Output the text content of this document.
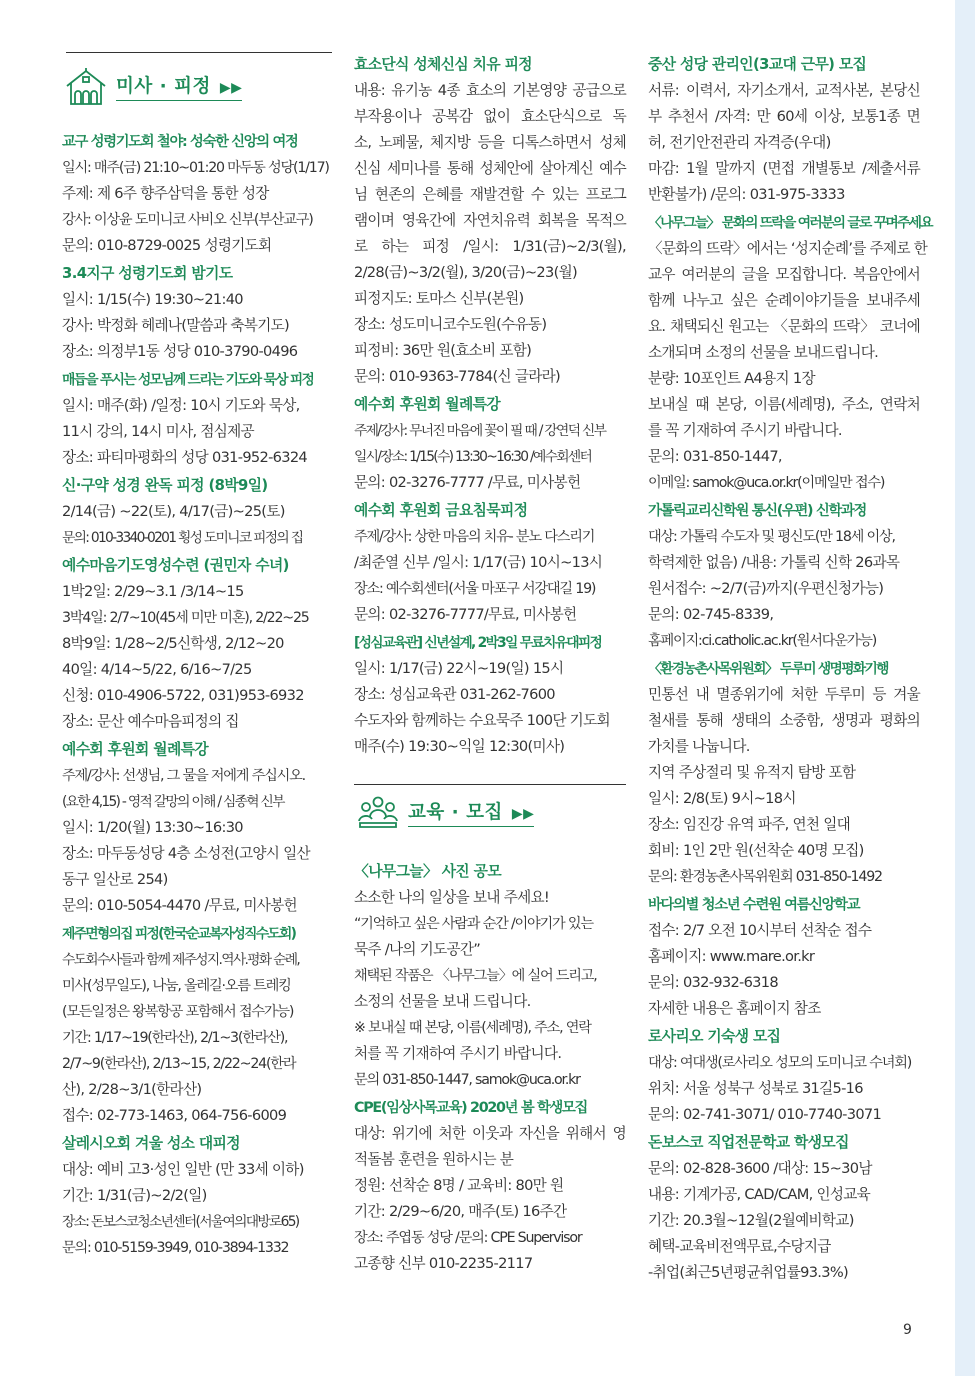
미사 · 피정 ▶▶
교구 성령기도회 철야: 성숙한 신앙의 여정
일시: 매주(금) 21:10~01:20 마두동 성당(1/17)
주제: 제 6주 향주삼덕을 통한 성장
강사: 이상윤 도미니코 사비오 신부(부산교구)
문의: 010-8729-0025 성령기도회
3.4지구 성령기도회 밤기도
일시: 1/15(수) 19:30~21:40
강사: 박정화 헤레나(말씀과 축복기도)
장소: 의정부1동 성당 010-3790-0496
매듭을 푸시는 성모님께 드리는 기도와 묵상 피정
일시: 매주(화) /일정: 10시 기도와 묵상,
11시 강의, 14시 미사, 점심제공
장소: 파티마평화의 성당 031-952-6324
신·구약 성경 완독 피정 (8박9일)
2/14(금) ~22(토), 4/17(금)~25(토)
문의: 010-3340-0201 횡성 도미니코 피정의 집
예수마음기도영성수련 (권민자 수녀)
1박2일: 2/29~3.1 /3/14~15
3박4일: 2/7~10(45세 미만 미혼), 2/22~25
8박9일: 1/28~2/5신학생, 2/12~20
40일: 4/14~5/22, 6/16~7/25
신청: 010-4906-5722, 031)953-6932
장소: 문산 예수마음피정의 집
예수회 후원회 월례특강
주제/강사: 선생님, 그 물을 저에게 주십시오.
(요한 4,15) - 영적 갈망의 이해 / 심종혁 신부
일시: 1/20(월) 13:30~16:30
장소: 마두동성당 4층 소성전(고양시 일산
동구 일산로 254)
문의: 010-5054-4470 /무료, 미사봉헌
제주면형의집 피정(한국순교복자성직수도회)
수도회수사들과 함께 제주성지.역사.평화 순례,
미사(성무일도), 나눔, 올레길·오름 트레킹
(모든일정은 왕복항공 포함해서 접수가능)
기간: 1/17~19(한라산), 2/1~3(한라산),
2/7~9(한라산), 2/13~15, 2/22~24(한라
산), 2/28~3/1(한라산)
접수: 02-773-1463, 064-756-6009
살레시오회 겨울 성소 대피정
대상: 예비 고3·성인 일반 (만 33세 이하)
기간: 1/31(금)~2/2(일)
장소: 돈보스코청소년센터(서울여의대방로65)
문의: 010-5159-3949, 010-3894-1332
효소단식 성체신심 치유 피정
내용: 유기농 4종 효소의 기본영양 공급으로
부작용이나 공복감 없이 효소단식으로 독
소, 노페물, 체지방 등을 디톡스하면서 성체
신심 세미나를 통해 성체안에 살아계신 예수
님 현존의 은혜를 재발견할 수 있는 프로그
램이며 영육간에 자연치유력 회복을 목적으
로 하는 피정 /일시: 1/31(금)~2/3(월),
2/28(금)~3/2(월), 3/20(금)~23(월)
피정지도: 토마스 신부(본원)
장소: 성도미니코수도원(수유동)
피정비: 36만 원(효소비 포함)
문의: 010-9363-7784(신 글라라)
예수회 후원회 월례특강
주제/강사: 무너진 마음에 꽃이 필 때 / 강연덕 신부
일시/장소: 1/15(수) 13:30~16:30 /예수회센터
문의: 02-3276-7777 /무료, 미사봉헌
예수회 후원회 금요침묵피정
주제/강사: 상한 마음의 치유- 분노 다스리기
/최준열 신부 /일시: 1/17(금) 10시~13시
장소: 예수회센터(서울 마포구 서강대길 19)
문의: 02-3276-7777/무료, 미사봉헌
[성심교육관] 신년설계, 2박3일 무료치유대피정
일시: 1/17(금) 22시~19(일) 15시
장소: 성심교육관 031-262-7600
수도자와 함께하는 수요묵주 100단 기도회
매주(수) 19:30~익일 12:30(미사)
교육 · 모집 ▶▶
〈나무그늘〉 사진 공모
소소한 나의 일상을 보내 주세요!
“기억하고 싶은 사람과 순간 /이야기가 있는
묵주 /나의 기도공간”
채택된 작품은 〈나무그늘〉에 실어 드리고,
소정의 선물을 보내 드립니다.
※ 보내실 때 본당, 이름(세례명), 주소, 연락
처를 꼭 기재하여 주시기 바랍니다.
문의 031-850-1447, samok@uca.or.kr
CPE(임상사목교육) 2020년 봄 학생모집
대상: 위기에 처한 이웃과 자신을 위해서 영
적돌봄 훈련을 원하시는 분
정원: 선착순 8명 / 교육비: 80만 원
기간: 2/29~6/20, 매주(토) 16주간
장소: 주엽동 성당 /문의: CPE Supervisor
고종향 신부 010-2235-2117
중산 성당 관리인(3교대 근무) 모집
서류: 이력서, 자기소개서, 교적사본, 본당신
부 추천서 /자격: 만 60세 이상, 보통1종 면
허, 전기안전관리 자격증(우대)
마감: 1월 말까지 (면접 개별통보 /제출서류
반환불가) /문의: 031-975-3333
〈나무그늘〉 문화의 뜨락을 여러분의 글로 꾸며주세요
〈문화의 뜨락〉에서는 ‘성지순례’를 주제로 한
교우 여러분의 글을 모집합니다. 복음안에서
함께 나누고 싶은 순례이야기들을 보내주세
요. 채택되신 원고는 〈문화의 뜨락〉 코너에
소개되며 소정의 선물을 보내드립니다.
분량: 10포인트 A4용지 1장
보내실 때 본당, 이름(세례명), 주소, 연락처
를 꼭 기재하여 주시기 바랍니다.
문의: 031-850-1447,
이메일: samok@uca.or.kr(이메일만 접수)
가톨릭교리신학원 통신(우편) 신학과정
대상: 가톨릭 수도자 및 평신도(만 18세 이상,
학력제한 없음) /내용: 가톨릭 신학 26과목
원서접수: ~2/7(금)까지(우편신청가능)
문의: 02-745-8339,
홈페이지:ci.catholic.ac.kr(원서다운가능)
〈환경농촌사목위원회〉 두루미 생명평화기행
민통선 내 멸종위기에 처한 두루미 등 겨울
철새를 통해 생태의 소중함, 생명과 평화의
가치를 나눕니다.
지역 주상절리 및 유적지 탐방 포함
일시: 2/8(토) 9시~18시
장소: 임진강 유역 파주, 연천 일대
회비: 1인 2만 원(선착순 40명 모집)
문의: 환경농촌사목위원회 031-850-1492
바다의별 청소년 수련원 여름신앙학교
접수: 2/7 오전 10시부터 선착순 접수
홈페이지: www.mare.or.kr
문의: 032-932-6318
자세한 내용은 홈페이지 참조
로사리오 기숙생 모집
대상: 여대생(로사리오 성모의 도미니코 수녀회)
위치: 서울 성북구 성북로 31길5-16
문의: 02-741-3071/ 010-7740-3071
돈보스코 직업전문학교 학생모집
문의: 02-828-3600 /대상: 15~30남
내용: 기계가공, CAD/CAM, 인성교육
기간: 20.3월~12월(2월예비학교)
혜택-교육비전액무료,수당지급
-취업(최근5년평균취업률93.3%)
9
